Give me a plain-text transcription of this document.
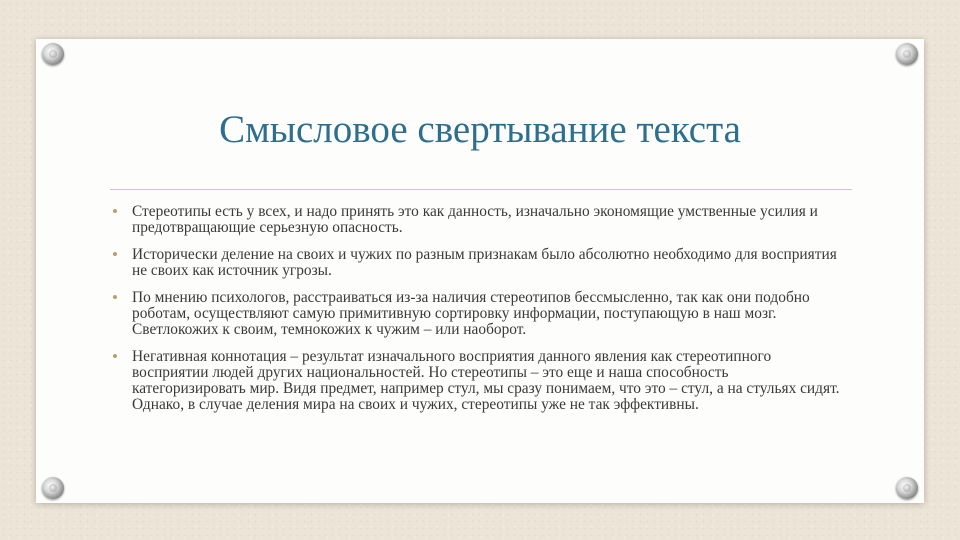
Смысловое свертывание текста
• Стереотипы есть у всех, и надо принять это как данность, изначально экономящие умственные усилия и предотвращающие серьезную опасность.
• Исторически деление на своих и чужих по разным признакам было абсолютно необходимо для восприятия не своих как источник угрозы.
• По мнению психологов, расстраиваться из-за наличия стереотипов бессмысленно, так как они подобно роботам, осуществляют самую примитивную сортировку информации, поступающую в наш мозг. Светлокожих к своим, темнокожих к чужим – или наоборот.
• Негативная коннотация – результат изначального восприятия данного явления как стереотипного восприятии людей других национальностей. Но стереотипы – это еще и наша способность категоризировать мир. Видя предмет, например стул, мы сразу понимаем, что это – стул, а на стульях сидят. Однако, в случае деления мира на своих и чужих, стереотипы уже не так эффективны.
